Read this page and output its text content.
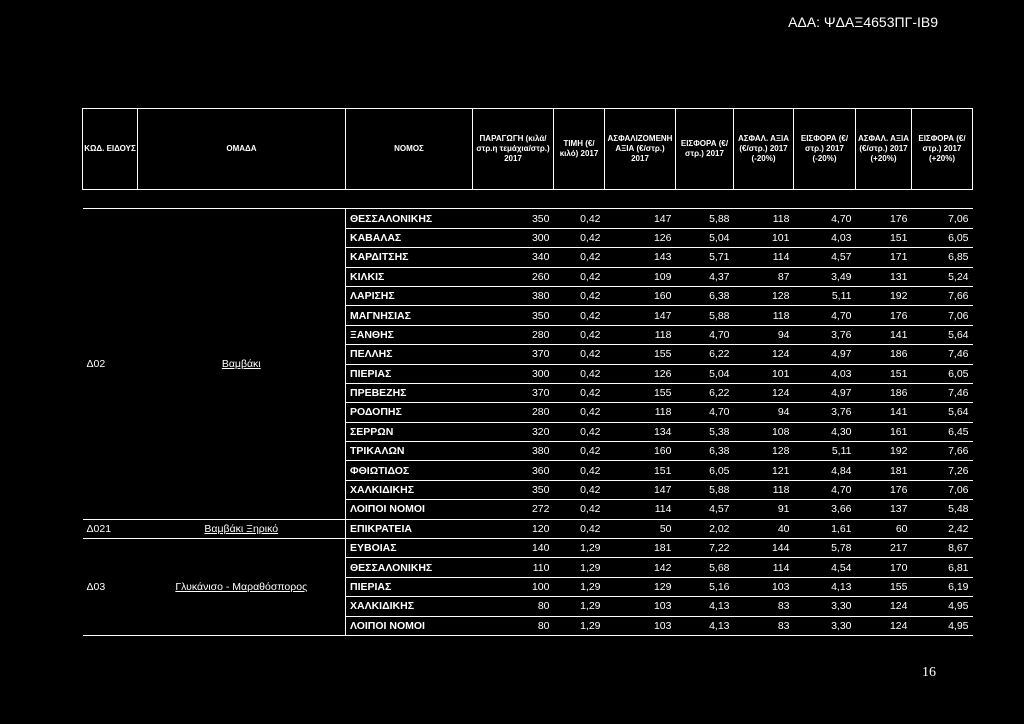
ΑΔΑ: ΨΔΑΞ4653ΠΓ-ΙΒ9
ΚΩΔ. ΕΙΔΟΥΣ	ΟΜΑΔΑ	ΝΟΜΟΣ	ΠΑΡΑΓΩΓΗ (κιλά/στρ.η τεμάχια/στρ.) 2017	ΤΙΜΗ (€/κιλό) 2017	ΑΣΦΑΛΙΖΟΜΕΝΗ ΑΞΙΑ (€/στρ.) 2017	ΕΙΣΦΟΡΑ (€/στρ.) 2017	ΑΣΦΑΛ. ΑΞΙΑ (€/στρ.) 2017 (-20%)	ΕΙΣΦΟΡΑ (€/στρ.) 2017 (-20%)	ΑΣΦΑΛ. ΑΞΙΑ (€/στρ.) 2017 (+20%)	ΕΙΣΦΟΡΑ (€/στρ.) 2017 (+20%)

Δ02	Βαμβάκι	ΘΕΣΣΑΛΟΝΙΚΗΣ	350	0,42	147	5,88	118	4,70	176	7,06
		ΚΑΒΑΛΑΣ	300	0,42	126	5,04	101	4,03	151	6,05
		ΚΑΡΔΙΤΣΗΣ	340	0,42	143	5,71	114	4,57	171	6,85
		ΚΙΛΚΙΣ	260	0,42	109	4,37	87	3,49	131	5,24
		ΛΑΡΙΣΗΣ	380	0,42	160	6,38	128	5,11	192	7,66
		ΜΑΓΝΗΣΙΑΣ	350	0,42	147	5,88	118	4,70	176	7,06
		ΞΑΝΘΗΣ	280	0,42	118	4,70	94	3,76	141	5,64
		ΠΕΛΛΗΣ	370	0,42	155	6,22	124	4,97	186	7,46
		ΠΙΕΡΙΑΣ	300	0,42	126	5,04	101	4,03	151	6,05
		ΠΡΕΒΕΖΗΣ	370	0,42	155	6,22	124	4,97	186	7,46
		ΡΟΔΟΠΗΣ	280	0,42	118	4,70	94	3,76	141	5,64
		ΣΕΡΡΩΝ	320	0,42	134	5,38	108	4,30	161	6,45
		ΤΡΙΚΑΛΩΝ	380	0,42	160	6,38	128	5,11	192	7,66
		ΦΘΙΩΤΙΔΟΣ	360	0,42	151	6,05	121	4,84	181	7,26
		ΧΑΛΚΙΔΙΚΗΣ	350	0,42	147	5,88	118	4,70	176	7,06
		ΛΟΙΠΟΙ ΝΟΜΟΙ	272	0,42	114	4,57	91	3,66	137	5,48
Δ021	Βαμβάκι Ξηρικό	ΕΠΙΚΡΑΤΕΙΑ	120	0,42	50	2,02	40	1,61	60	2,42
Δ03	Γλυκάνισο - Μαραθόσπορος	ΕΥΒΟΙΑΣ	140	1,29	181	7,22	144	5,78	217	8,67
		ΘΕΣΣΑΛΟΝΙΚΗΣ	110	1,29	142	5,68	114	4,54	170	6,81
		ΠΙΕΡΙΑΣ	100	1,29	129	5,16	103	4,13	155	6,19
		ΧΑΛΚΙΔΙΚΗΣ	80	1,29	103	4,13	83	3,30	124	4,95
		ΛΟΙΠΟΙ ΝΟΜΟΙ	80	1,29	103	4,13	83	3,30	124	4,95
16
